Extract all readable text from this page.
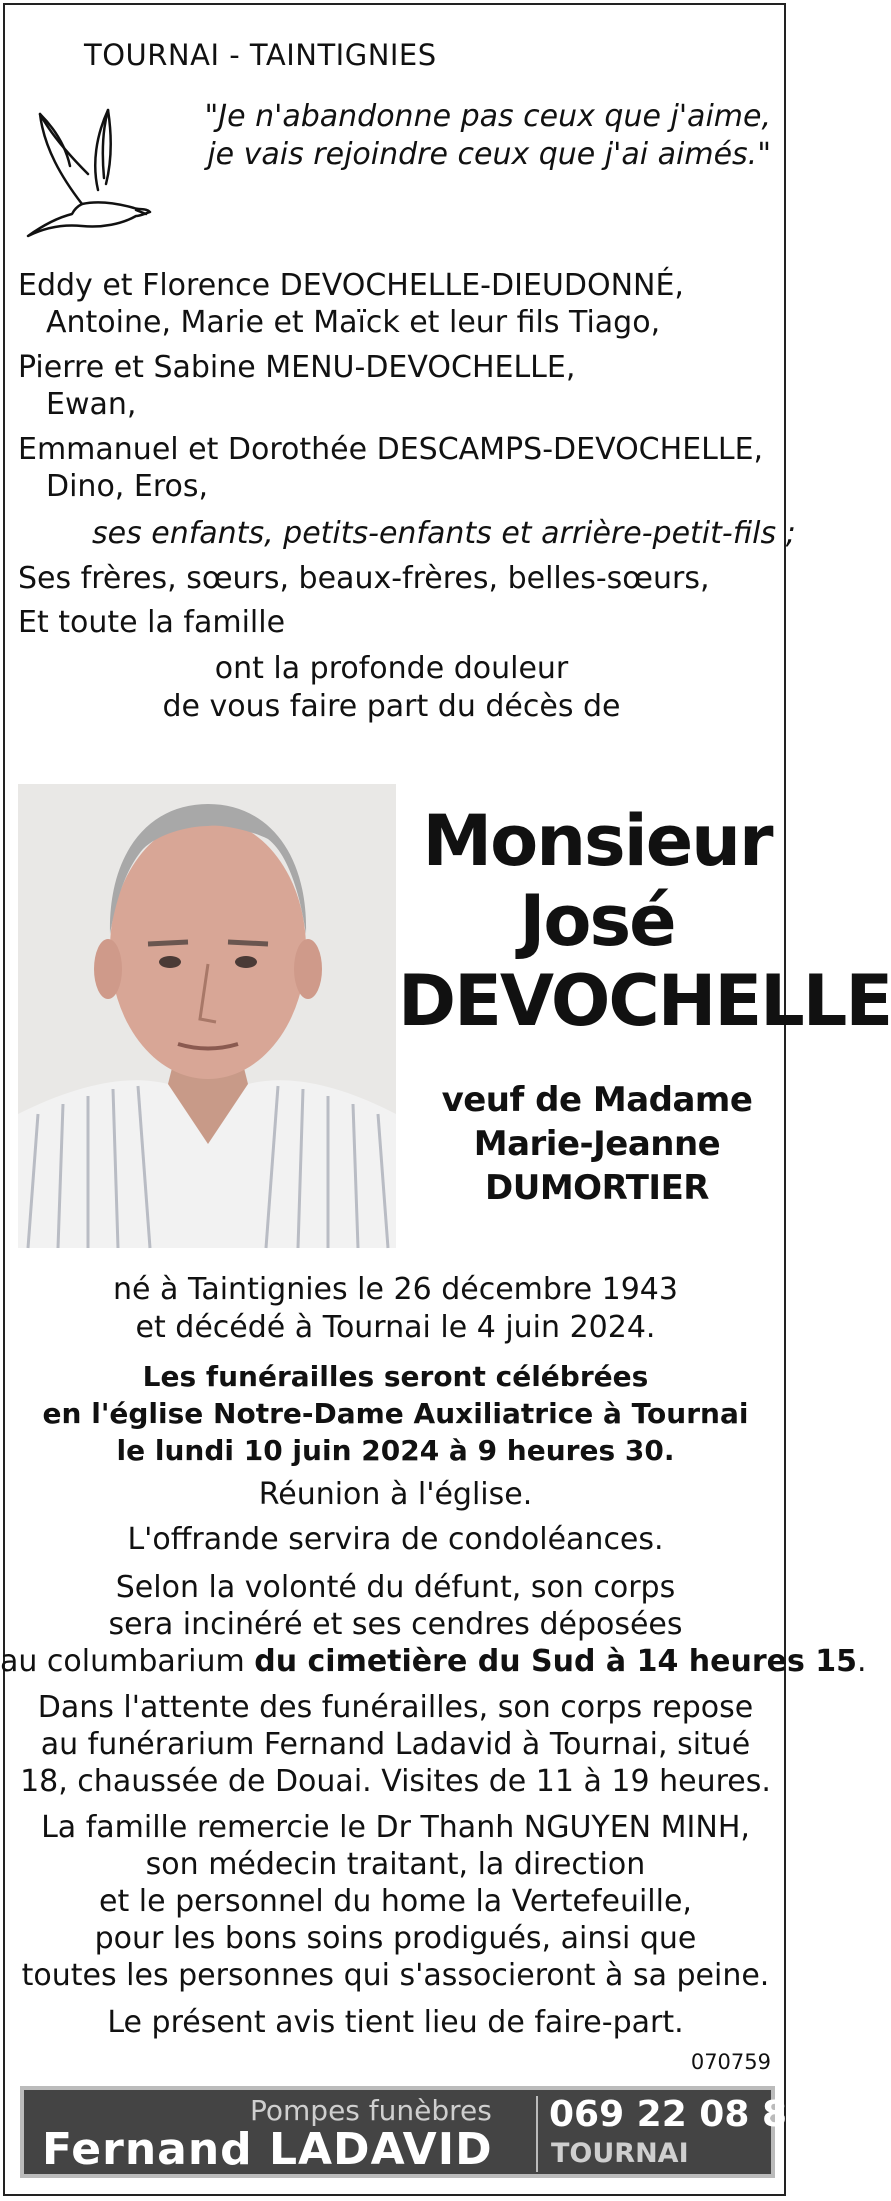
TOURNAI - TAINTIGNIES
"Je n'abandonne pas ceux que j'aime,
je vais rejoindre ceux que j'ai aimés."
Eddy et Florence DEVOCHELLE-DIEUDONNÉ,
Antoine, Marie et Maïck et leur fils Tiago,
Pierre et Sabine MENU-DEVOCHELLE,
Ewan,
Emmanuel et Dorothée DESCAMPS-DEVOCHELLE,
Dino, Eros,
ses enfants, petits-enfants et arrière-petit-fils ;
Ses frères, sœurs, beaux-frères, belles-sœurs,
Et toute la famille
ont la profonde douleur
de vous faire part du décès de
Monsieur
José
DEVOCHELLE
veuf de Madame
Marie-Jeanne
DUMORTIER
né à Taintignies le 26 décembre 1943
et décédé à Tournai le 4 juin 2024.
Les funérailles seront célébrées
en l'église Notre-Dame Auxiliatrice à Tournai
le lundi 10 juin 2024 à 9 heures 30.
Réunion à l'église.
L'offrande servira de condoléances.
Selon la volonté du défunt, son corps
sera incinéré et ses cendres déposées
au columbarium du cimetière du Sud à 14 heures 15.
Dans l'attente des funérailles, son corps repose
au funérarium Fernand Ladavid à Tournai, situé
18, chaussée de Douai. Visites de 11 à 19 heures.
La famille remercie le Dr Thanh NGUYEN MINH,
son médecin traitant, la direction
et le personnel du home la Vertefeuille,
pour les bons soins prodigués, ainsi que
toutes les personnes qui s'associeront à sa peine.
Le présent avis tient lieu de faire-part.
070759
Pompes funèbres
Fernand LADAVID
069 22 08 87
TOURNAI
